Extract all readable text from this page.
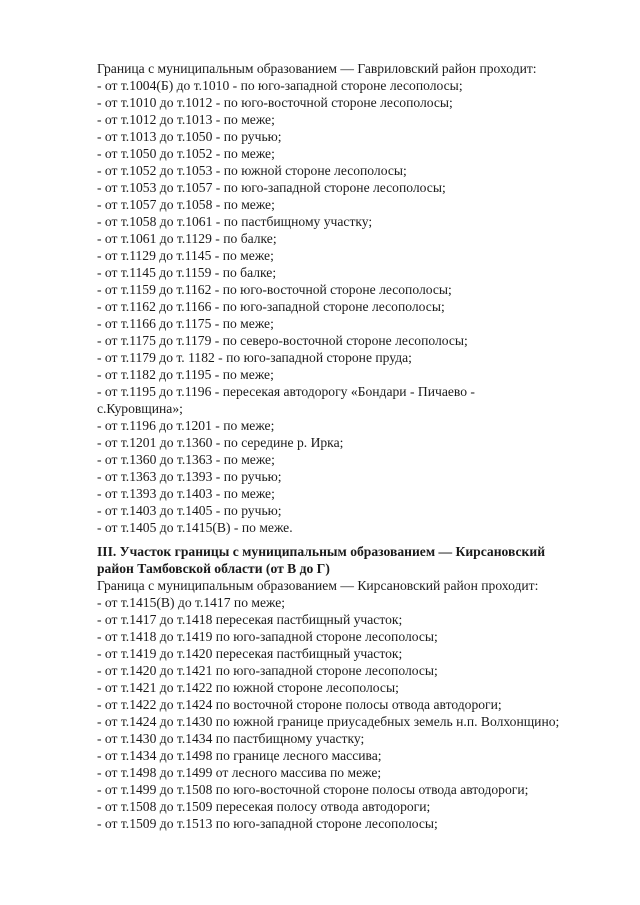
Граница с муниципальным образованием — Гавриловский район проходит:
- от т.1004(Б) до т.1010 - по юго-западной стороне лесополосы;
- от т.1010 до т.1012 - по юго-восточной стороне лесополосы;
- от т.1012 до т.1013 - по меже;
- от т.1013 до т.1050 - по ручью;
- от т.1050 до т.1052 - по меже;
- от т.1052 до т.1053 - по южной стороне лесополосы;
- от т.1053 до т.1057 - по юго-западной стороне лесополосы;
- от т.1057 до т.1058 - по меже;
- от т.1058 до т.1061 - по пастбищному участку;
- от т.1061 до т.1129 - по балке;
- от т.1129 до т.1145 - по меже;
- от т.1145 до т.1159 - по балке;
- от т.1159 до т.1162 - по юго-восточной стороне лесополосы;
- от т.1162 до т.1166 - по юго-западной стороне лесополосы;
- от т.1166 до т.1175 - по меже;
- от т.1175 до т.1179 - по северо-восточной стороне лесополосы;
- от т.1179 до т. 1182 - по юго-западной стороне пруда;
- от т.1182 до т.1195 - по меже;
- от т.1195 до т.1196 - пересекая автодорогу «Бондари - Пичаево -
с.Куровщина»;
- от т.1196 до т.1201 - по меже;
- от т.1201 до т.1360 - по середине р. Ирка;
- от т.1360 до т.1363 - по меже;
- от т.1363 до т.1393 - по ручью;
- от т.1393 до т.1403 - по меже;
- от т.1403 до т.1405 - по ручью;
- от т.1405 до т.1415(В) - по меже.
III. Участок границы с муниципальным образованием — Кирсановский
район Тамбовской области (от В до Г)
Граница с муниципальным образованием — Кирсановский район проходит:
- от т.1415(В) до т.1417 по меже;
- от т.1417 до т.1418 пересекая пастбищный участок;
- от т.1418 до т.1419 по юго-западной стороне лесополосы;
- от т.1419 до т.1420 пересекая пастбищный участок;
- от т.1420 до т.1421 по юго-западной стороне лесополосы;
- от т.1421 до т.1422 по южной стороне лесополосы;
- от т.1422 до т.1424 по восточной стороне полосы отвода автодороги;
- от т.1424 до т.1430 по южной границе приусадебных земель н.п. Волхонщино;
- от т.1430 до т.1434 по пастбищному участку;
- от т.1434 до т.1498 по границе лесного массива;
- от т.1498 до т.1499 от лесного массива по меже;
- от т.1499 до т.1508 по юго-восточной стороне полосы отвода автодороги;
- от т.1508 до т.1509 пересекая полосу отвода автодороги;
- от т.1509 до т.1513 по юго-западной стороне лесополосы;
